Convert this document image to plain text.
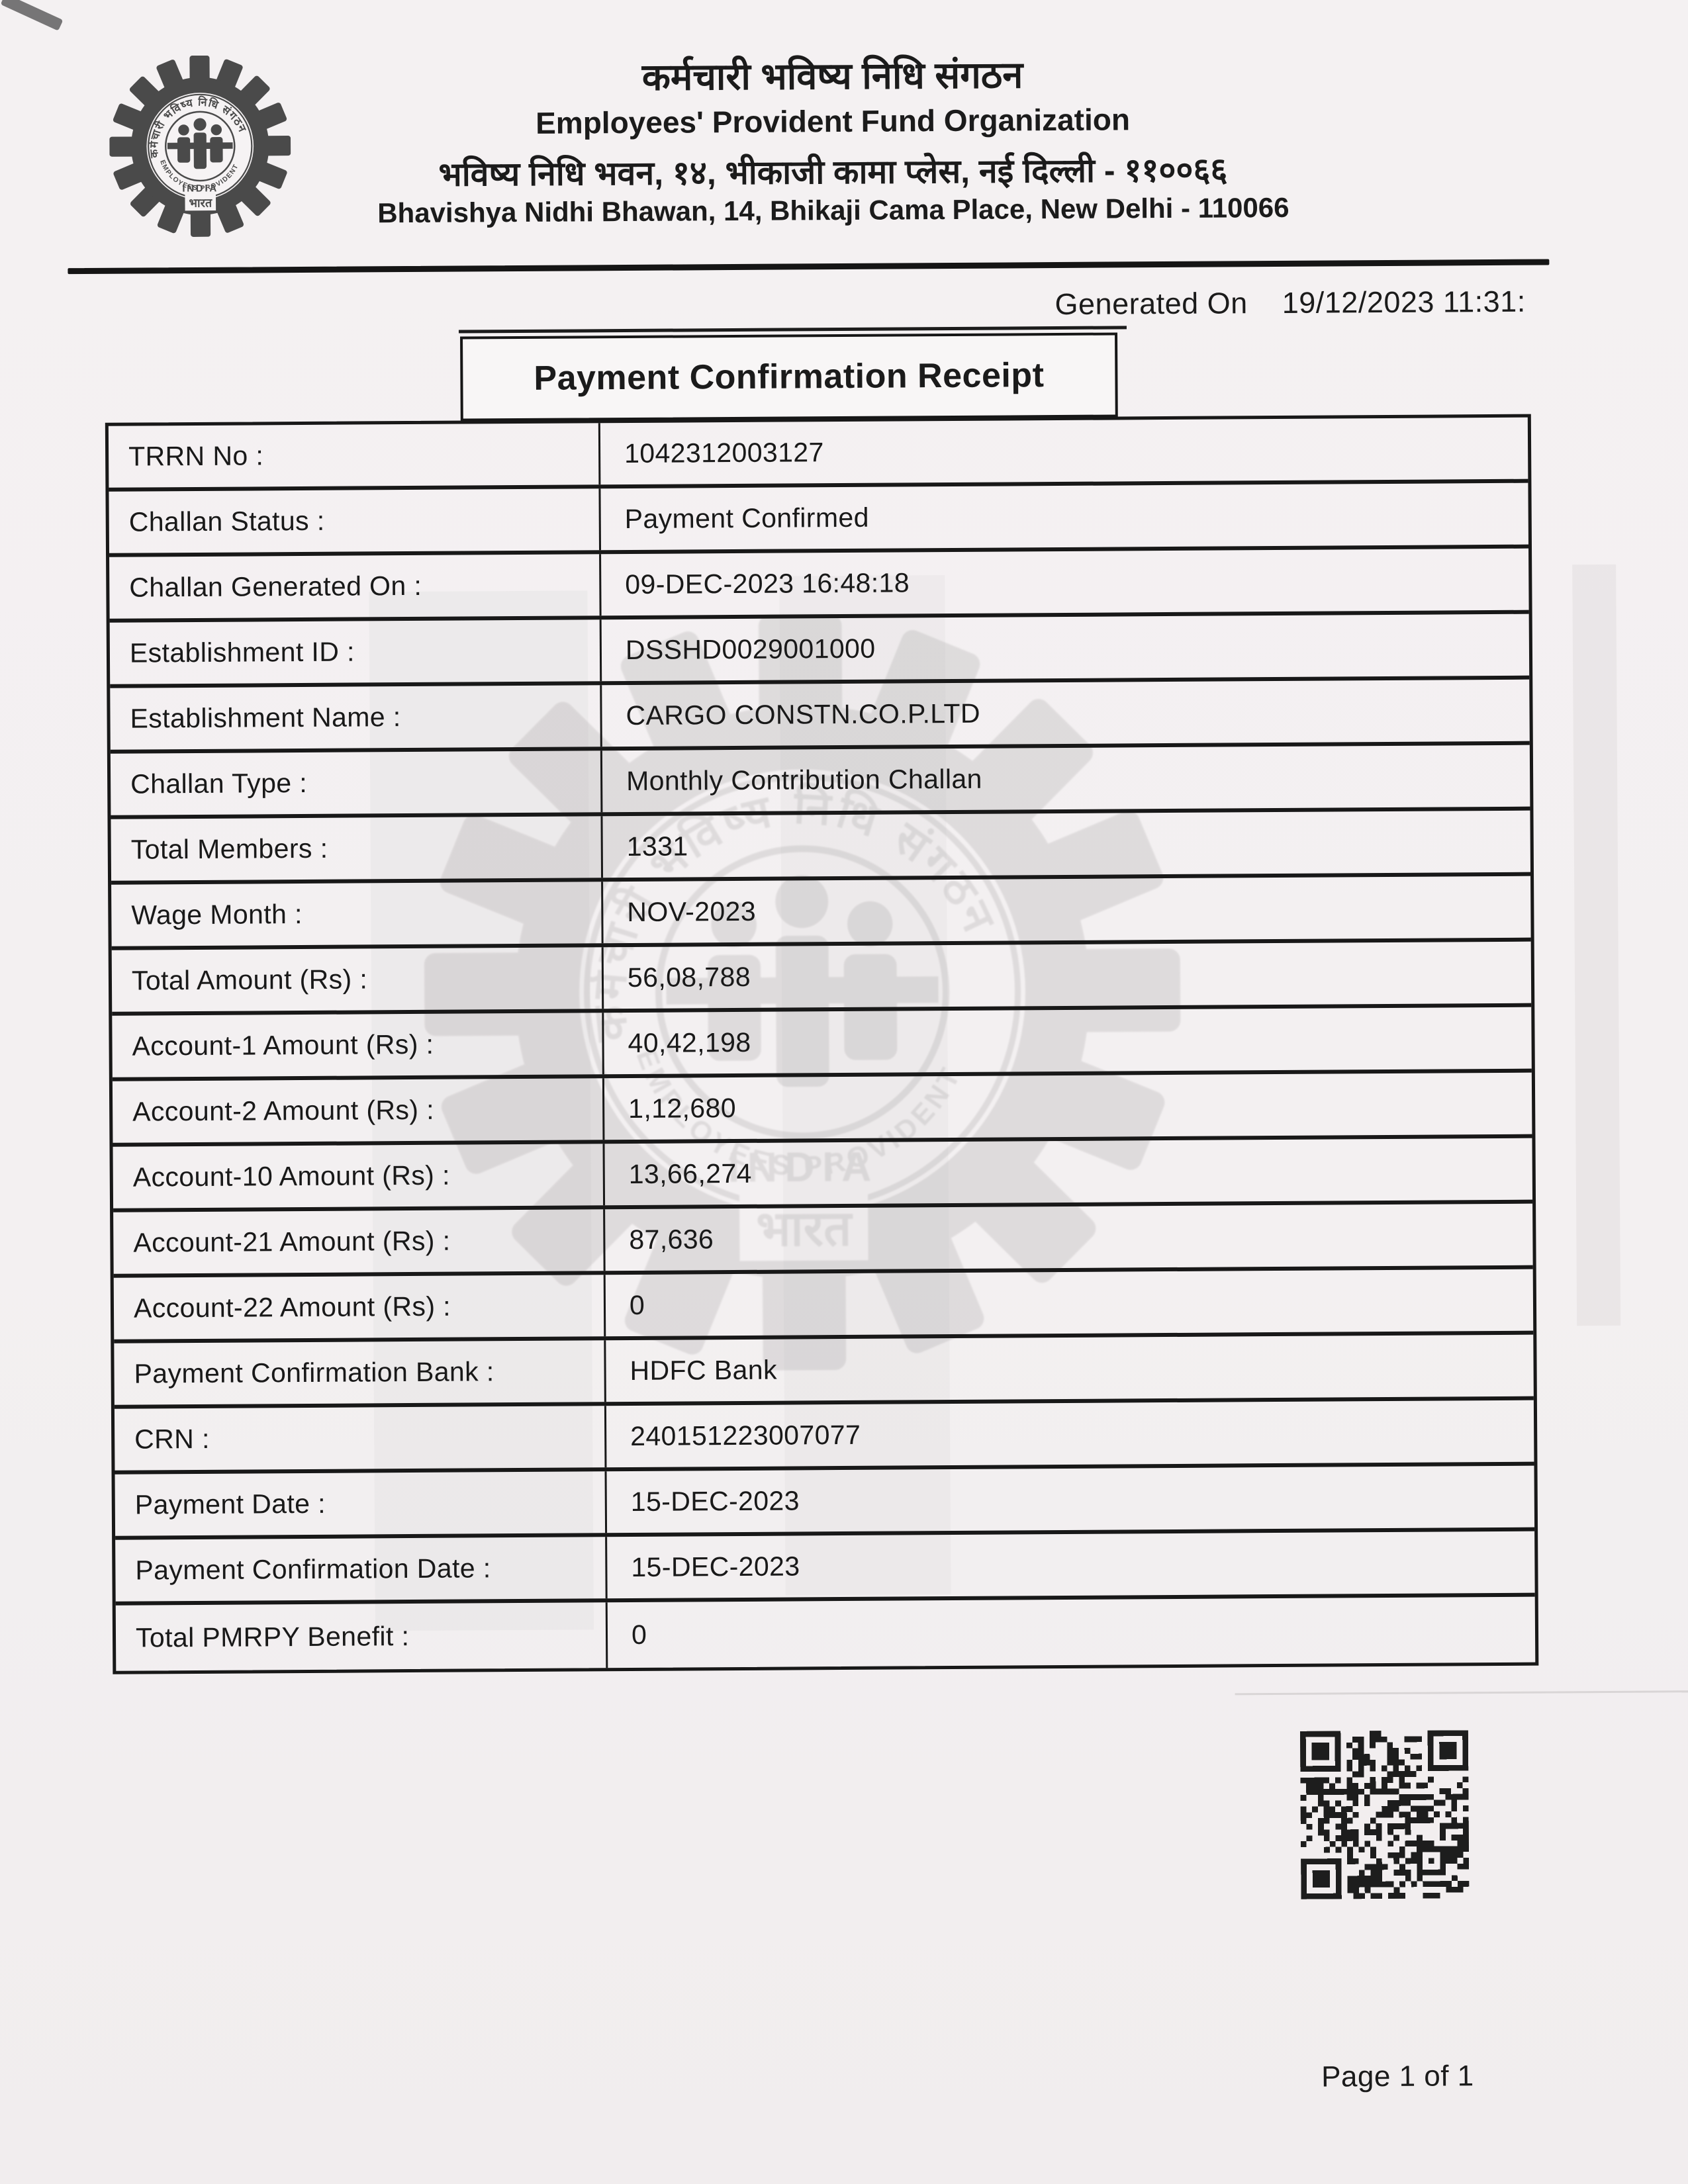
कर्मचारी भविष्य निधि संगठन
Employees' Provident Fund Organization
भविष्य निधि भवन, १४, भीकाजी कामा प्लेस, नई दिल्ली - ११००६६
Bhavishya Nidhi Bhawan, 14, Bhikaji Cama Place, New Delhi - 110066
Generated On 19/12/2023 11:31:
Payment Confirmation Receipt
TRRN No :	1042312003127
Challan Status :	Payment Confirmed
Challan Generated On :	09-DEC-2023 16:48:18
Establishment ID :	DSSHD0029001000
Establishment Name :	CARGO CONSTN.CO.P.LTD
Challan Type :	Monthly Contribution Challan
Total Members :	1331
Wage Month :	NOV-2023
Total Amount (Rs) :	56,08,788
Account-1 Amount (Rs) :	40,42,198
Account-2 Amount (Rs) :	1,12,680
Account-10 Amount (Rs) :	13,66,274
Account-21 Amount (Rs) :	87,636
Account-22 Amount (Rs) :	0
Payment Confirmation Bank :	HDFC Bank
CRN :	240151223007077
Payment Date :	15-DEC-2023
Payment Confirmation Date :	15-DEC-2023
Total PMRPY Benefit :	0
Page 1 of 1
